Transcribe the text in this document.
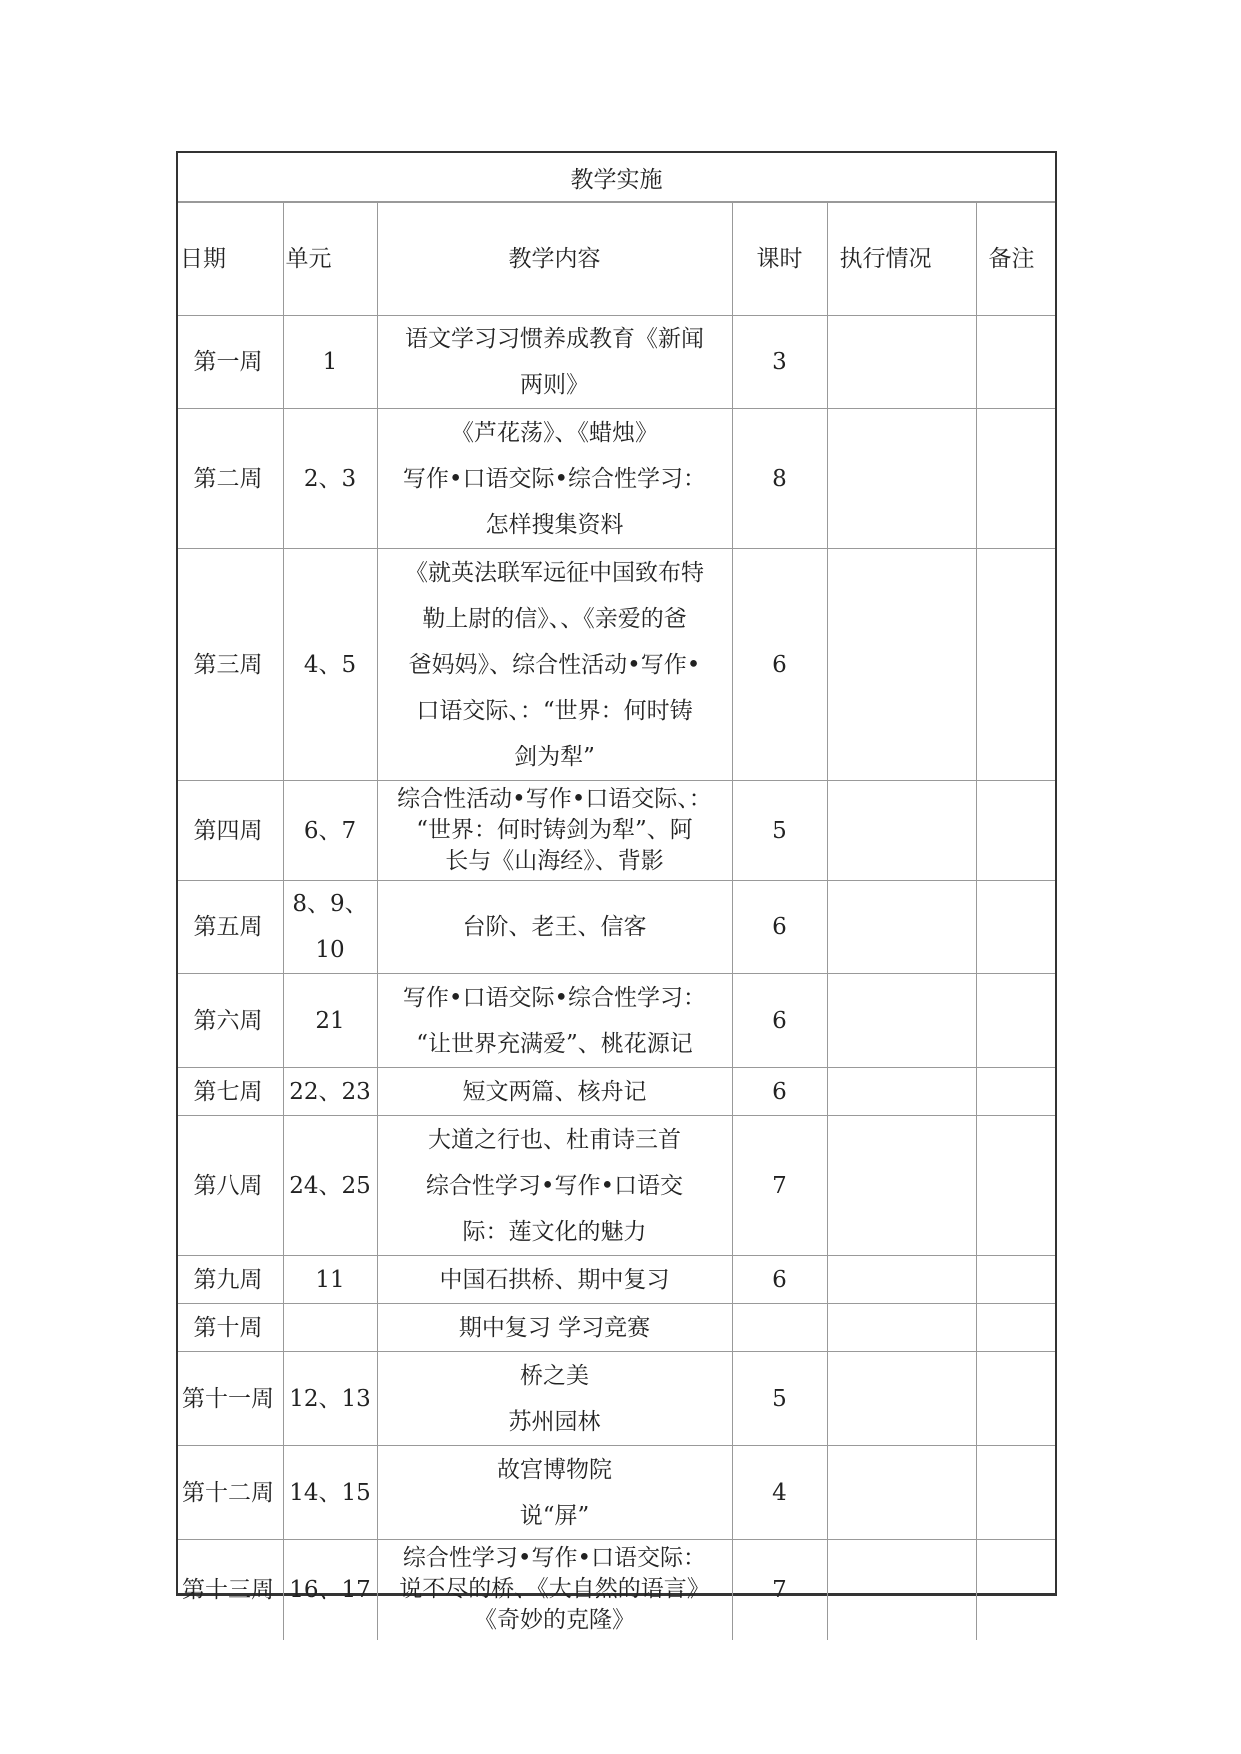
教学实施
日期	单元	教学内容	课时	执行情况	备注
第一周	1	语文学习习惯养成教育《新闻
两则》	3		
第二周	2、3	《芦花荡》、《蜡烛》
写作•口语交际•综合性学习：
怎样搜集资料	8		
第三周	4、5	《就英法联军远征中国致布特
勒上尉的信》、、《亲爱的爸
爸妈妈》、综合性活动•写作•
口语交际、：“世界：何时铸
剑为犁”	6		
第四周	6、7	综合性活动•写作•口语交际、：
“世界：何时铸剑为犁”、阿
长与《山海经》、背影	5		
第五周	8、9、10	台阶、老王、信客	6		
第六周	21	写作•口语交际•综合性学习：
“让世界充满爱”、桃花源记	6		
第七周	22、23	短文两篇、核舟记	6		
第八周	24、25	大道之行也、杜甫诗三首
综合性学习•写作•口语交
际：莲文化的魅力	7		
第九周	11	中国石拱桥、期中复习	6		
第十周		期中复习 学习竞赛			

第十一周	12、13	桥之美
苏州园林	5		
第十二周	14、15	故宫博物院
说“屏”	4		
第十三周	16、17	综合性学习•写作•口语交际：
说不尽的桥、《大自然的语言》
《奇妙的克隆》	7		
